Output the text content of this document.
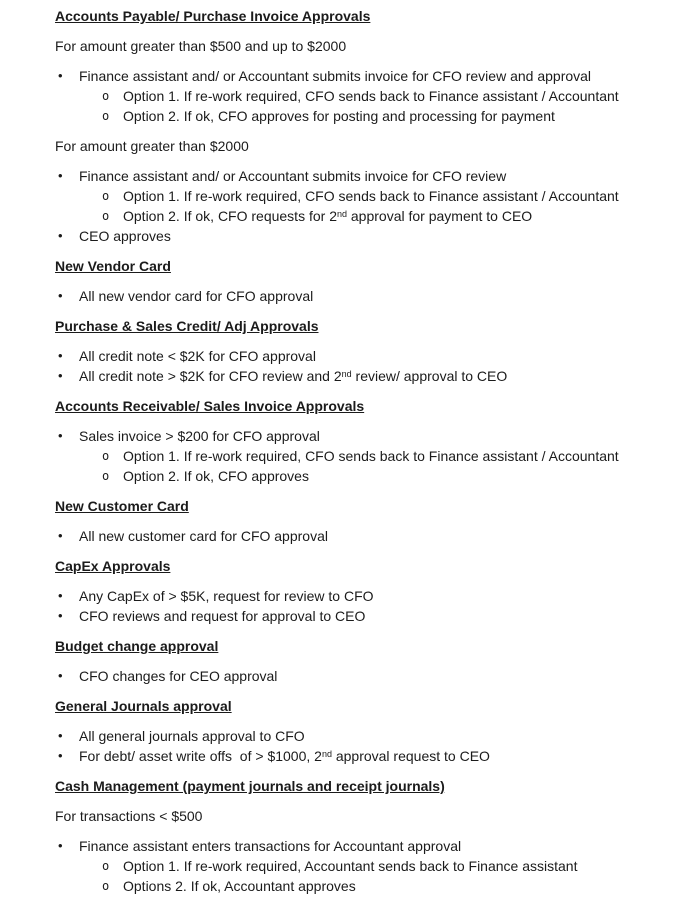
Accounts Payable/ Purchase Invoice Approvals
For amount greater than $500 and up to $2000
• Finance assistant and/ or Accountant submits invoice for CFO review and approval
o Option 1. If re-work required, CFO sends back to Finance assistant / Accountant
o Option 2. If ok, CFO approves for posting and processing for payment
For amount greater than $2000
• Finance assistant and/ or Accountant submits invoice for CFO review
o Option 1. If re-work required, CFO sends back to Finance assistant / Accountant
o Option 2. If ok, CFO requests for 2nd approval for payment to CEO
• CEO approves
New Vendor Card
• All new vendor card for CFO approval
Purchase & Sales Credit/ Adj Approvals
• All credit note < $2K for CFO approval
• All credit note > $2K for CFO review and 2nd review/ approval to CEO
Accounts Receivable/ Sales Invoice Approvals
• Sales invoice > $200 for CFO approval
o Option 1. If re-work required, CFO sends back to Finance assistant / Accountant
o Option 2. If ok, CFO approves
New Customer Card
• All new customer card for CFO approval
CapEx Approvals
• Any CapEx of > $5K, request for review to CFO
• CFO reviews and request for approval to CEO
Budget change approval
• CFO changes for CEO approval
General Journals approval
• All general journals approval to CFO
• For debt/ asset write offs  of > $1000, 2nd approval request to CEO
Cash Management (payment journals and receipt journals)
For transactions < $500
• Finance assistant enters transactions for Accountant approval
o Option 1. If re-work required, Accountant sends back to Finance assistant
o Options 2. If ok, Accountant approves
